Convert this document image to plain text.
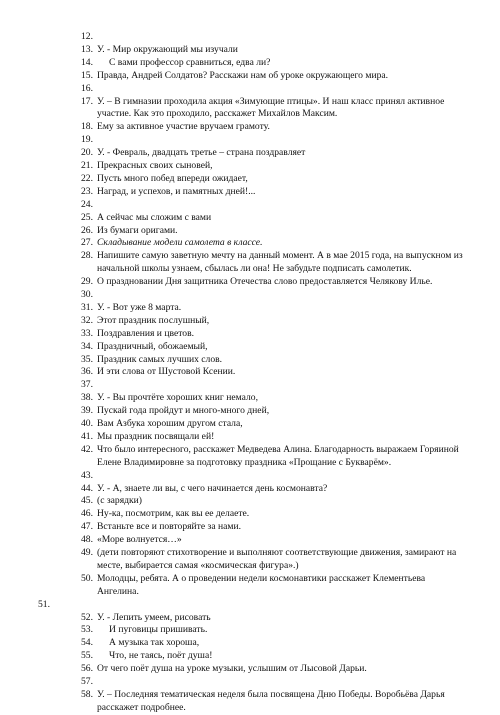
12.
13. У. - Мир окружающий мы изучали
14. С вами профессор сравниться, едва ли?
15. Правда, Андрей Солдатов? Расскажи нам об уроке окружающего мира.
16.
17. У. – В гимназии проходила акция «Зимующие птицы». И наш класс принял активное
участие. Как это проходило, расскажет Михайлов Максим.
18. Ему за активное участие вручаем грамоту.
19.
20. У. - Февраль, двадцать третье – страна поздравляет
21. Прекрасных своих сыновей,
22. Пусть много побед впереди ожидает,
23. Наград, и успехов, и памятных дней!...
24.
25. А сейчас мы сложим с вами
26. Из бумаги оригами.
27. Складывание модели самолета в классе.
28. Напишите самую заветную мечту на данный момент. А в мае 2015 года, на выпускном из
начальной школы узнаем, сбылась ли она! Не забудьте подписать самолетик.
29. О праздновании Дня защитника Отечества слово предоставляется Челякову Илье.
30.
31. У. - Вот уже 8 марта.
32. Этот праздник послушный,
33. Поздравления и цветов.
34. Праздничный, обожаемый,
35. Праздник самых лучших слов.
36. И эти слова от Шустовой Ксении.
37.
38. У. - Вы прочтёте хороших книг немало,
39. Пускай года пройдут и много-много дней,
40. Вам Азбука хорошим другом стала,
41. Мы праздник посвящали ей!
42. Что было интересного, расскажет Медведева Алина. Благодарность выражаем Горяиной
Елене Владимировне за подготовку праздника «Прощание с Букварём».
43.
44. У. - А, знаете ли вы, с чего начинается день космонавта?
45. (с зарядки)
46. Ну-ка, посмотрим, как вы ее делаете.
47. Встаньте все и повторяйте за нами.
48. «Море волнуется…»
49. (дети повторяют стихотворение и выполняют соответствующие движения, замирают на
месте, выбирается самая «космическая фигура».)
50. Молодцы, ребята. А о проведении недели космонавтики расскажет Клементьева
Ангелина.
51.
52. У. - Лепить умеем, рисовать
53. И пуговицы пришивать.
54. А музыка так хороша,
55. Что, не таясь, поёт душа!
56. От чего поёт душа на уроке музыки, услышим от Лысовой Дарьи.
57.
58. У. – Последняя тематическая неделя была посвящена Дню Победы. Воробьёва Дарья
расскажет подробнее.
